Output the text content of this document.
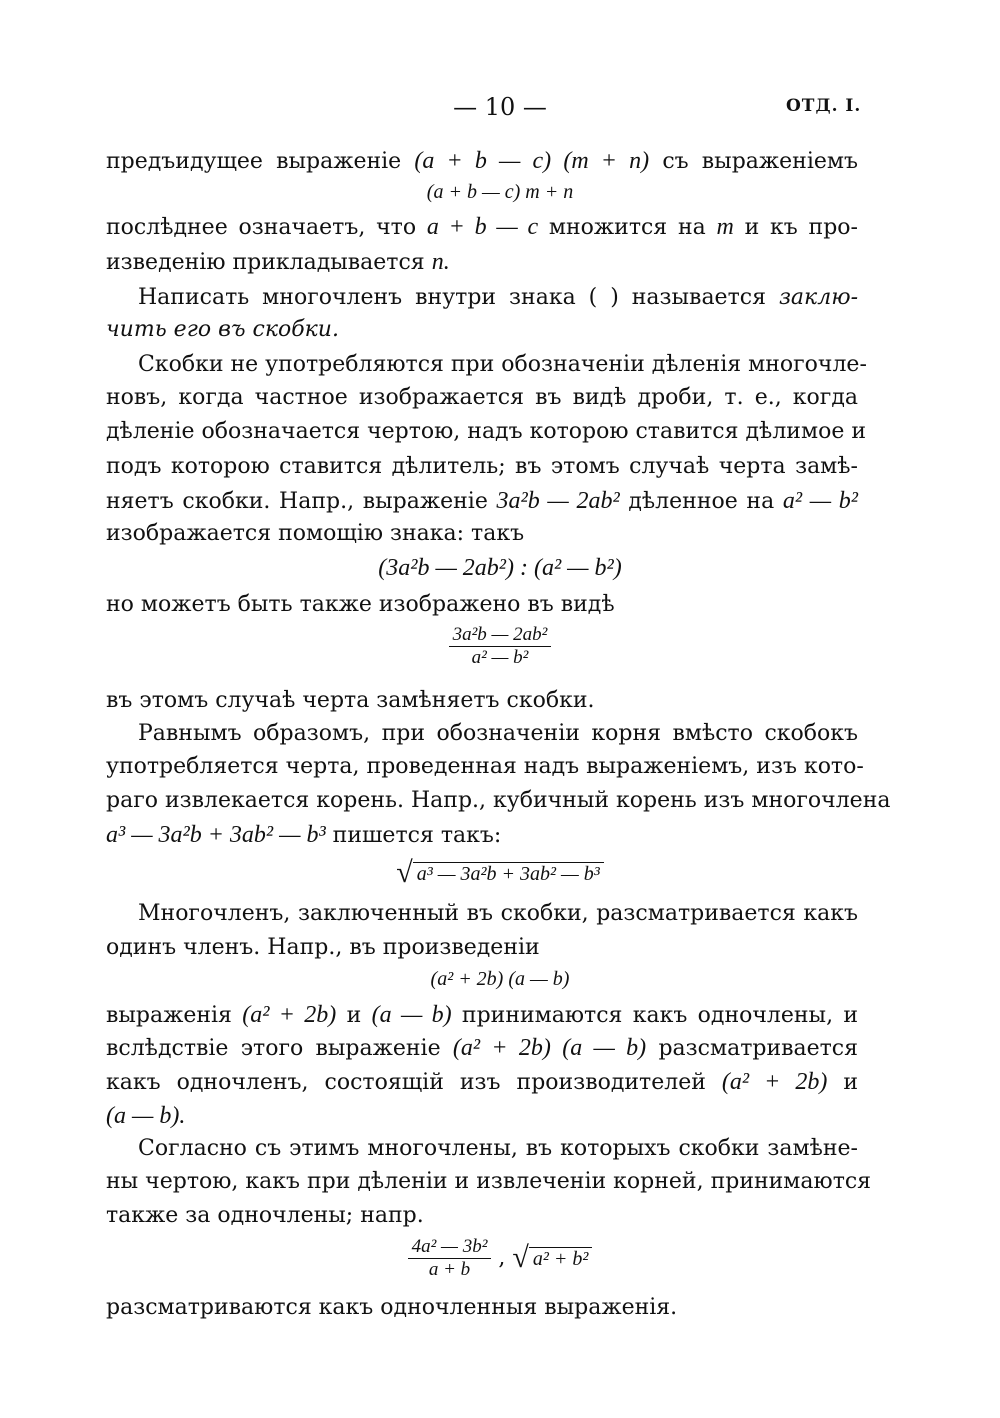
— 10 —	ОТД. I.
предъидущее выраженіе (a + b — c) (m + n) съ выраженіемъ
(a + b — c) m + n
послѣднее означаетъ, что a + b — c множится на m и къ про-
изведенію прикладывается n.
Написать многочленъ внутри знака ( ) называется заклю-
чить его въ скобки.
Скобки не употребляются при обозначеніи дѣленія многочле-
новъ, когда частное изображается въ видѣ дроби, т. е., когда
дѣленіе обозначается чертою, надъ которою ставится дѣлимое и
подъ которою ставится дѣлитель; въ этомъ случаѣ черта замѣ-
няетъ скобки. Напр., выраженіе 3a²b — 2ab² дѣленное на a² — b²
изображается помощію знака: такъ
(3a²b — 2ab²) : (a² — b²)
но можетъ быть также изображено въ видѣ
$\frac{\text{3a²b — 2ab²}}{\text{a² — b²}}$
въ этомъ случаѣ черта замѣняетъ скобки.
Равнымъ образомъ, при обозначеніи корня вмѣсто скобокъ
употребляется черта, проведенная надъ выраженіемъ, изъ кото-
раго извлекается корень. Напр., кубичный корень изъ многочлена
a³ — 3a²b + 3ab² — b³ пишется такъ:
√ a³ — 3a²b + 3ab² — b³
Многочленъ, заключенный въ скобки, разсматривается какъ
одинъ членъ. Напр., въ произведеніи
(a² + 2b) (a — b)
выраженія (a² + 2b) и (a — b) принимаются какъ одночлены, и
вслѣдствіе этого выраженіе (a² + 2b) (a — b) разсматривается
какъ одночленъ, состоящій изъ производителей (a² + 2b) и
(a — b).
Согласно съ этимъ многочлены, въ которыхъ скобки замѣне-
ны чертою, какъ при дѣленіи и извлеченіи корней, принимаются
также за одночлены; напр.
$\frac{\text{4a² — 3b²}}{a + b}$ , √ a² + b²
разсматриваются какъ одночленныя выраженія.
